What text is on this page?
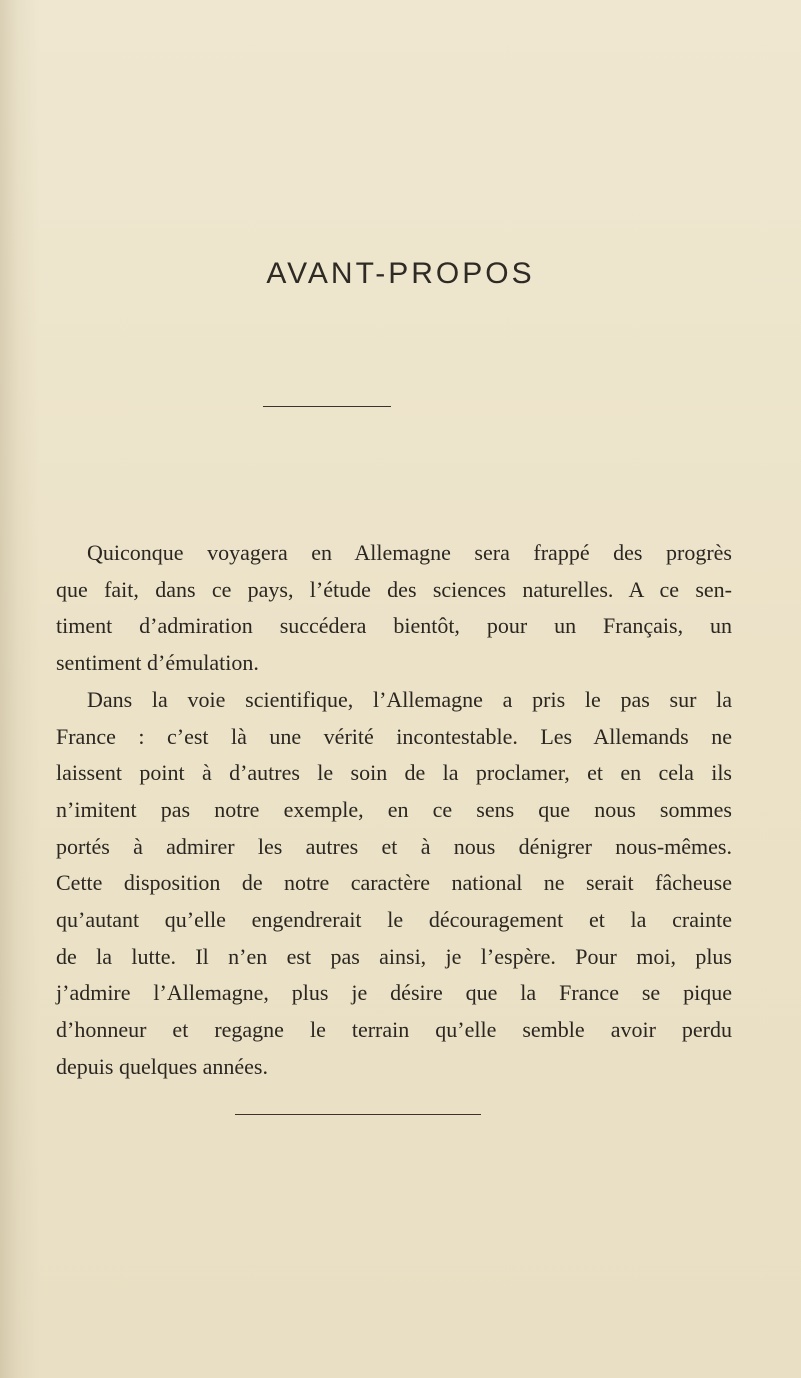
AVANT-PROPOS
Quiconque voyagera en Allemagne sera frappé des progrès
que fait, dans ce pays, l’étude des sciences naturelles. A ce sen-
timent d’admiration succédera bientôt, pour un Français, un
sentiment d’émulation.
Dans la voie scientifique, l’Allemagne a pris le pas sur la
France : c’est là une vérité incontestable. Les Allemands ne
laissent point à d’autres le soin de la proclamer, et en cela ils
n’imitent pas notre exemple, en ce sens que nous sommes
portés à admirer les autres et à nous dénigrer nous-mêmes.
Cette disposition de notre caractère national ne serait fâcheuse
qu’autant qu’elle engendrerait le découragement et la crainte
de la lutte. Il n’en est pas ainsi, je l’espère. Pour moi, plus
j’admire l’Allemagne, plus je désire que la France se pique
d’honneur et regagne le terrain qu’elle semble avoir perdu
depuis quelques années.
